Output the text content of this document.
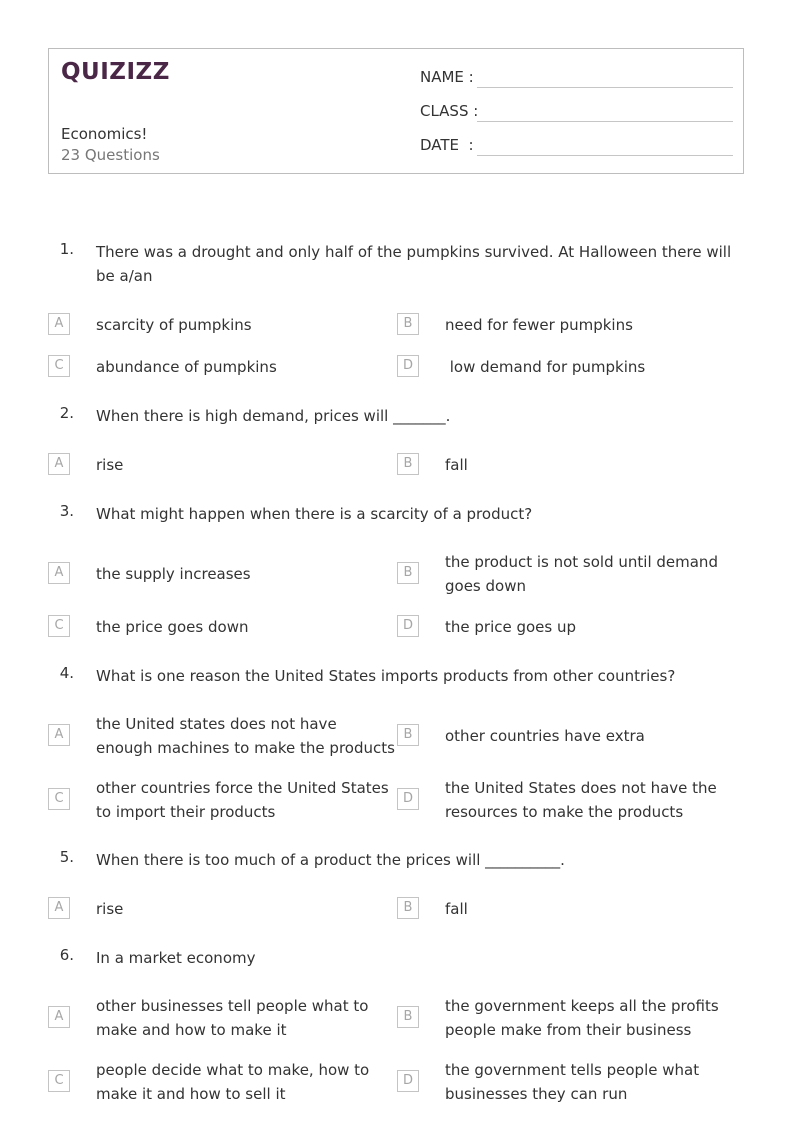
QUIZIZZ
Economics!
23 Questions
NAME :
CLASS :
DATE  :
1. There was a drought and only half of the pumpkins survived. At Halloween there will be a/an
A	scarcity of pumpkins	B	need for fewer pumpkins
C	abundance of pumpkins	D	low demand for pumpkins
2. When there is high demand, prices will _______.
A	rise	B	fall
3. What might happen when there is a scarcity of a product?
A	the supply increases	B
the product is not sold until demand goes down
C	the price goes down	D	the price goes up
4. What is one reason the United States imports products from other countries?
A
the United states does not have enough machines to make the products
B	other countries have extra
C
other countries force the United States to import their products
D
the United States does not have the resources to make the products
5. When there is too much of a product the prices will __________.
A	rise	B	fall
6. In a market economy
A
other businesses tell people what to make and how to make it
B
the government keeps all the profits people make from their business
C
people decide what to make, how to make it and how to sell it
D
the government tells people what businesses they can run
